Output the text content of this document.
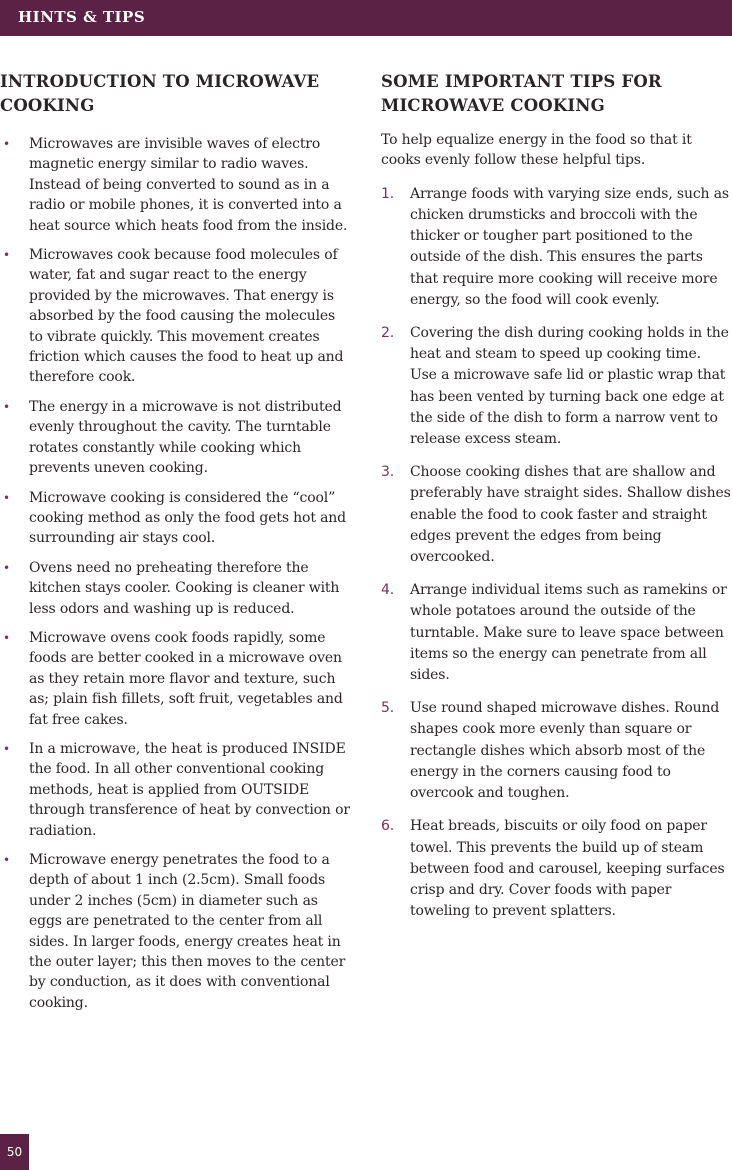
HINTS & TIPS
INTRODUCTION TO MICROWAVE COOKING
• Microwaves are invisible waves of electro magnetic energy similar to radio waves. Instead of being converted to sound as in a radio or mobile phones, it is converted into a heat source which heats food from the inside.
• Microwaves cook because food molecules of water, fat and sugar react to the energy provided by the microwaves. That energy is absorbed by the food causing the molecules to vibrate quickly. This movement creates friction which causes the food to heat up and therefore cook.
• The energy in a microwave is not distributed evenly throughout the cavity. The turntable rotates constantly while cooking which prevents uneven cooking.
• Microwave cooking is considered the “cool” cooking method as only the food gets hot and surrounding air stays cool.
• Ovens need no preheating therefore the kitchen stays cooler. Cooking is cleaner with less odors and washing up is reduced.
• Microwave ovens cook foods rapidly, some foods are better cooked in a microwave oven as they retain more flavor and texture, such as; plain fish fillets, soft fruit, vegetables and fat free cakes.
• In a microwave, the heat is produced INSIDE the food. In all other conventional cooking methods, heat is applied from OUTSIDE through transference of heat by convection or radiation.
• Microwave energy penetrates the food to a depth of about 1 inch (2.5cm). Small foods under 2 inches (5cm) in diameter such as eggs are penetrated to the center from all sides. In larger foods, energy creates heat in the outer layer; this then moves to the center by conduction, as it does with conventional cooking.
SOME IMPORTANT TIPS FOR MICROWAVE COOKING

To help equalize energy in the food so that it cooks evenly follow these helpful tips.

1. Arrange foods with varying size ends, such as chicken drumsticks and broccoli with the thicker or tougher part positioned to the outside of the dish. This ensures the parts that require more cooking will receive more energy, so the food will cook evenly.
2. Covering the dish during cooking holds in the heat and steam to speed up cooking time. Use a microwave safe lid or plastic wrap that has been vented by turning back one edge at the side of the dish to form a narrow vent to release excess steam.
3. Choose cooking dishes that are shallow and preferably have straight sides. Shallow dishes enable the food to cook faster and straight edges prevent the edges from being overcooked.
4. Arrange individual items such as ramekins or whole potatoes around the outside of the turntable. Make sure to leave space between items so the energy can penetrate from all sides.
5. Use round shaped microwave dishes. Round shapes cook more evenly than square or rectangle dishes which absorb most of the energy in the corners causing food to overcook and toughen.
6. Heat breads, biscuits or oily food on paper towel. This prevents the build up of steam between food and carousel, keeping surfaces crisp and dry. Cover foods with paper toweling to prevent splatters.
50
